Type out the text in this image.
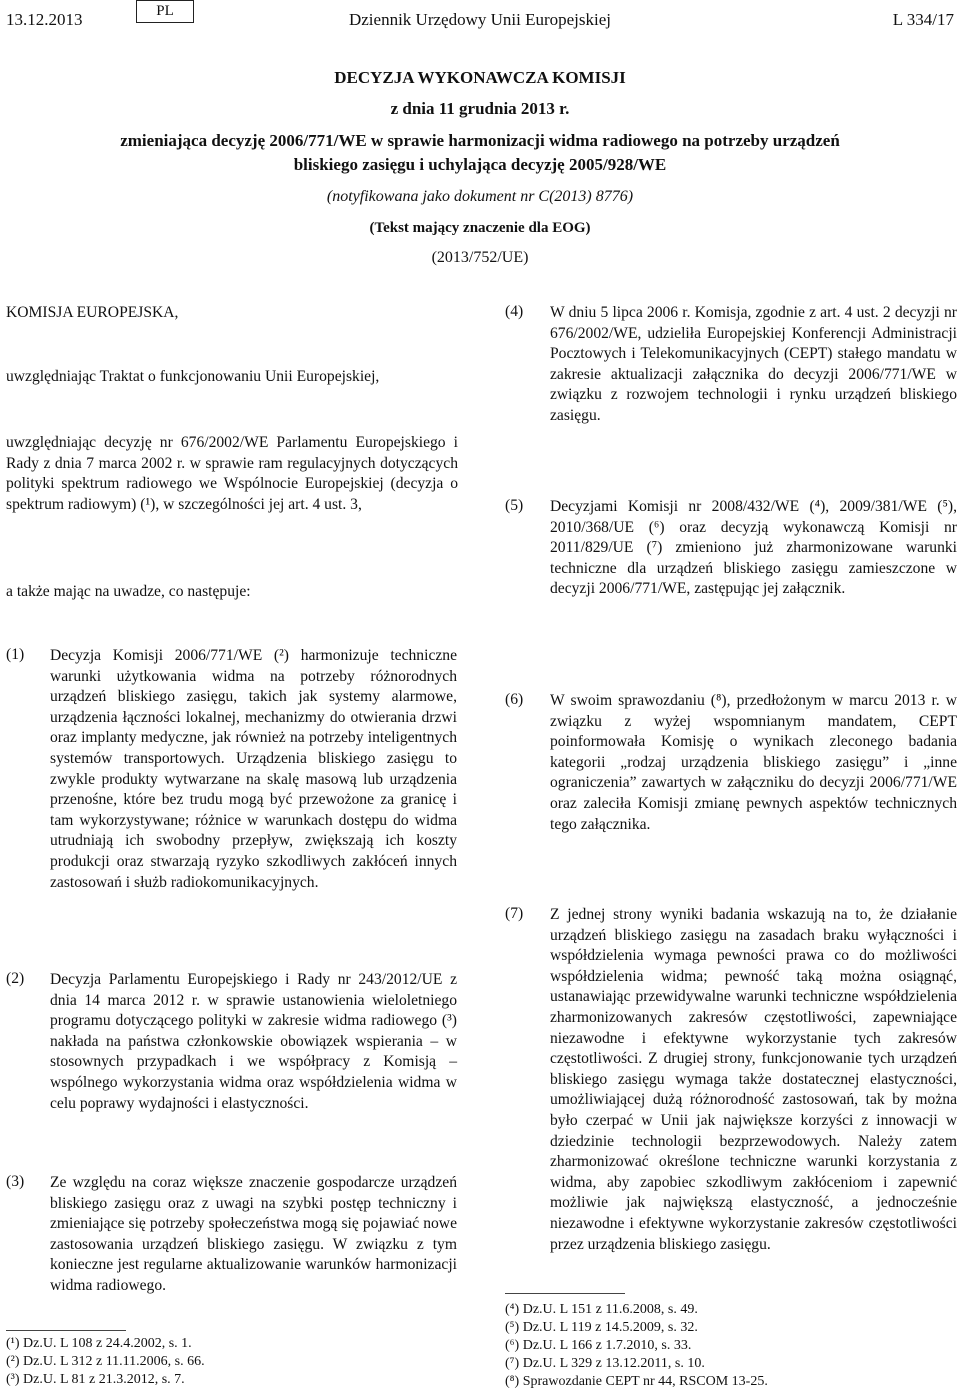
13.12.2013	PL	Dziennik Urzędowy Unii Europejskiej	L 334/17
DECYZJA WYKONAWCZA KOMISJI
z dnia 11 grudnia 2013 r.
zmieniająca decyzję 2006/771/WE w sprawie harmonizacji widma radiowego na potrzeby urządzeń
bliskiego zasięgu i uchylająca decyzję 2005/928/WE
(notyfikowana jako dokument nr C(2013) 8776)
(Tekst mający znaczenie dla EOG)
(2013/752/UE)
KOMISJA EUROPEJSKA,
uwzględniając Traktat o funkcjonowaniu Unii Europejskiej,
uwzględniając decyzję nr 676/2002/WE Parlamentu Europejskiego i Rady z dnia 7 marca 2002 r. w sprawie ram regulacyjnych dotyczących polityki spektrum radiowego we Wspólnocie Europejskiej (decyzja o spektrum radiowym) (¹), w szczególności jej art. 4 ust. 3,
a także mając na uwadze, co następuje:
(1) Decyzja Komisji 2006/771/WE (²) harmonizuje techniczne warunki użytkowania widma na potrzeby różnorodnych urządzeń bliskiego zasięgu, takich jak systemy alarmowe, urządzenia łączności lokalnej, mechanizmy do otwierania drzwi oraz implanty medyczne, jak również na potrzeby inteligentnych systemów transportowych. Urządzenia bliskiego zasięgu to zwykle produkty wytwarzane na skalę masową lub urządzenia przenośne, które bez trudu mogą być przewożone za granicę i tam wykorzystywane; różnice w warunkach dostępu do widma utrudniają ich swobodny przepływ, zwiększają ich koszty produkcji oraz stwarzają ryzyko szkodliwych zakłóceń innych zastosowań i służb radiokomunikacyjnych.
(2) Decyzja Parlamentu Europejskiego i Rady nr 243/2012/UE z dnia 14 marca 2012 r. w sprawie ustanowienia wieloletniego programu dotyczącego polityki w zakresie widma radiowego (³) nakłada na państwa członkowskie obowiązek wspierania – w stosownych przypadkach i we współpracy z Komisją – wspólnego wykorzystania widma oraz współdzielenia widma w celu poprawy wydajności i elastyczności.
(3) Ze względu na coraz większe znaczenie gospodarcze urządzeń bliskiego zasięgu oraz z uwagi na szybki postęp techniczny i zmieniające się potrzeby społeczeństwa mogą się pojawiać nowe zastosowania urządzeń bliskiego zasięgu. W związku z tym konieczne jest regularne aktualizowanie warunków harmonizacji widma radiowego.
(¹) Dz.U. L 108 z 24.4.2002, s. 1.
(²) Dz.U. L 312 z 11.11.2006, s. 66.
(³) Dz.U. L 81 z 21.3.2012, s. 7.
(4) W dniu 5 lipca 2006 r. Komisja, zgodnie z art. 4 ust. 2 decyzji nr 676/2002/WE, udzieliła Europejskiej Konferencji Administracji Pocztowych i Telekomunikacyjnych (CEPT) stałego mandatu w zakresie aktualizacji załącznika do decyzji 2006/771/WE w związku z rozwojem technologii i rynku urządzeń bliskiego zasięgu.
(5) Decyzjami Komisji nr 2008/432/WE (⁴), 2009/381/WE (⁵), 2010/368/UE (⁶) oraz decyzją wykonawczą Komisji nr 2011/829/UE (⁷) zmieniono już zharmonizowane warunki techniczne dla urządzeń bliskiego zasięgu zamieszczone w decyzji 2006/771/WE, zastępując jej załącznik.
(6) W swoim sprawozdaniu (⁸), przedłożonym w marcu 2013 r. w związku z wyżej wspomnianym mandatem, CEPT poinformowała Komisję o wynikach zleconego badania kategorii „rodzaj urządzenia bliskiego zasięgu” i „inne ograniczenia” zawartych w załączniku do decyzji 2006/771/WE oraz zaleciła Komisji zmianę pewnych aspektów technicznych tego załącznika.
(7) Z jednej strony wyniki badania wskazują na to, że działanie urządzeń bliskiego zasięgu na zasadach braku wyłączności i współdzielenia wymaga pewności prawa co do możliwości współdzielenia widma; pewność taką można osiągnąć, ustanawiając przewidywalne warunki techniczne współdzielenia zharmonizowanych zakresów częstotliwości, zapewniające niezawodne i efektywne wykorzystanie tych zakresów częstotliwości. Z drugiej strony, funkcjonowanie tych urządzeń bliskiego zasięgu wymaga także dostatecznej elastyczności, umożliwiającej dużą różnorodność zastosowań, tak by można było czerpać w Unii jak największe korzyści z innowacji w dziedzinie technologii bezprzewodowych. Należy zatem zharmonizować określone techniczne warunki korzystania z widma, aby zapobiec szkodliwym zakłóceniom i zapewnić możliwie jak największą elastyczność, a jednocześnie niezawodne i efektywne wykorzystanie zakresów częstotliwości przez urządzenia bliskiego zasięgu.
(⁴) Dz.U. L 151 z 11.6.2008, s. 49.
(⁵) Dz.U. L 119 z 14.5.2009, s. 32.
(⁶) Dz.U. L 166 z 1.7.2010, s. 33.
(⁷) Dz.U. L 329 z 13.12.2011, s. 10.
(⁸) Sprawozdanie CEPT nr 44, RSCOM 13-25.
